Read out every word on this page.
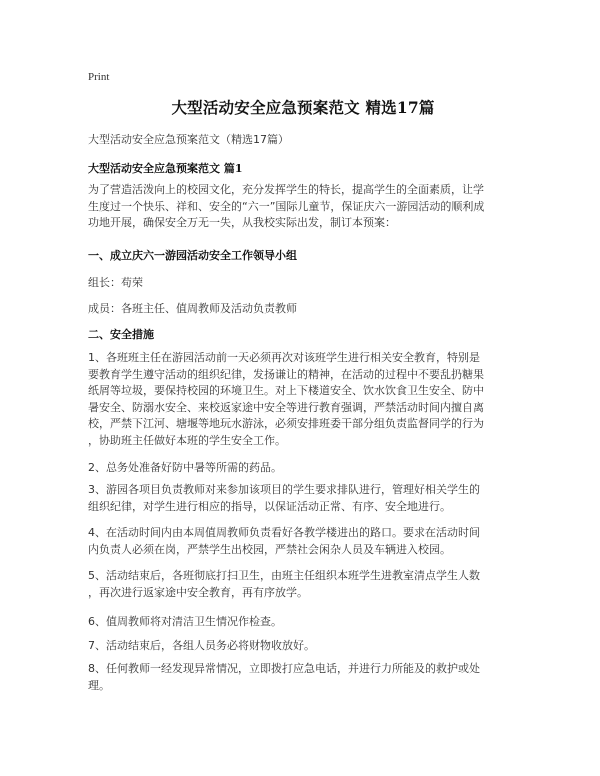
Print
大型活动安全应急预案范文 精选17篇
大型活动安全应急预案范文（精选17篇）
大型活动安全应急预案范文 篇1
为了营造活泼向上的校园文化，充分发挥学生的特长，提高学生的全面素质，让学
生度过一个快乐、祥和、安全的“六一”国际儿童节，保证庆六一游园活动的顺利成
功地开展，确保安全万无一失，从我校实际出发，制订本预案：
一、成立庆六一游园活动安全工作领导小组
组长：苟荣
成员：各班主任、值周教师及活动负责教师
二、安全措施
1、各班班主任在游园活动前一天必须再次对该班学生进行相关安全教育，特别是
要教育学生遵守活动的组织纪律，发扬谦让的精神，在活动的过程中不要乱扔糖果
纸屑等垃圾，要保持校园的环境卫生。对上下楼道安全、饮水饮食卫生安全、防中
暑安全、防溺水安全、来校返家途中安全等进行教育强调，严禁活动时间内擅自离
校，严禁下江河、塘堰等地玩水游泳，必须安排班委干部分组负责监督同学的行为
，协助班主任做好本班的学生安全工作。
2、总务处准备好防中暑等所需的药品。
3、游园各项目负责教师对来参加该项目的学生要求排队进行，管理好相关学生的
组织纪律，对学生进行相应的指导，以保证活动正常、有序、安全地进行。
4、在活动时间内由本周值周教师负责看好各教学楼进出的路口。要求在活动时间
内负责人必须在岗，严禁学生出校园，严禁社会闲杂人员及车辆进入校园。
5、活动结束后，各班彻底打扫卫生，由班主任组织本班学生进教室清点学生人数
，再次进行返家途中安全教育，再有序放学。
6、值周教师将对清洁卫生情况作检查。
7、活动结束后，各组人员务必将财物收放好。
8、任何教师一经发现异常情况，立即拨打应急电话，并进行力所能及的救护或处
理。
